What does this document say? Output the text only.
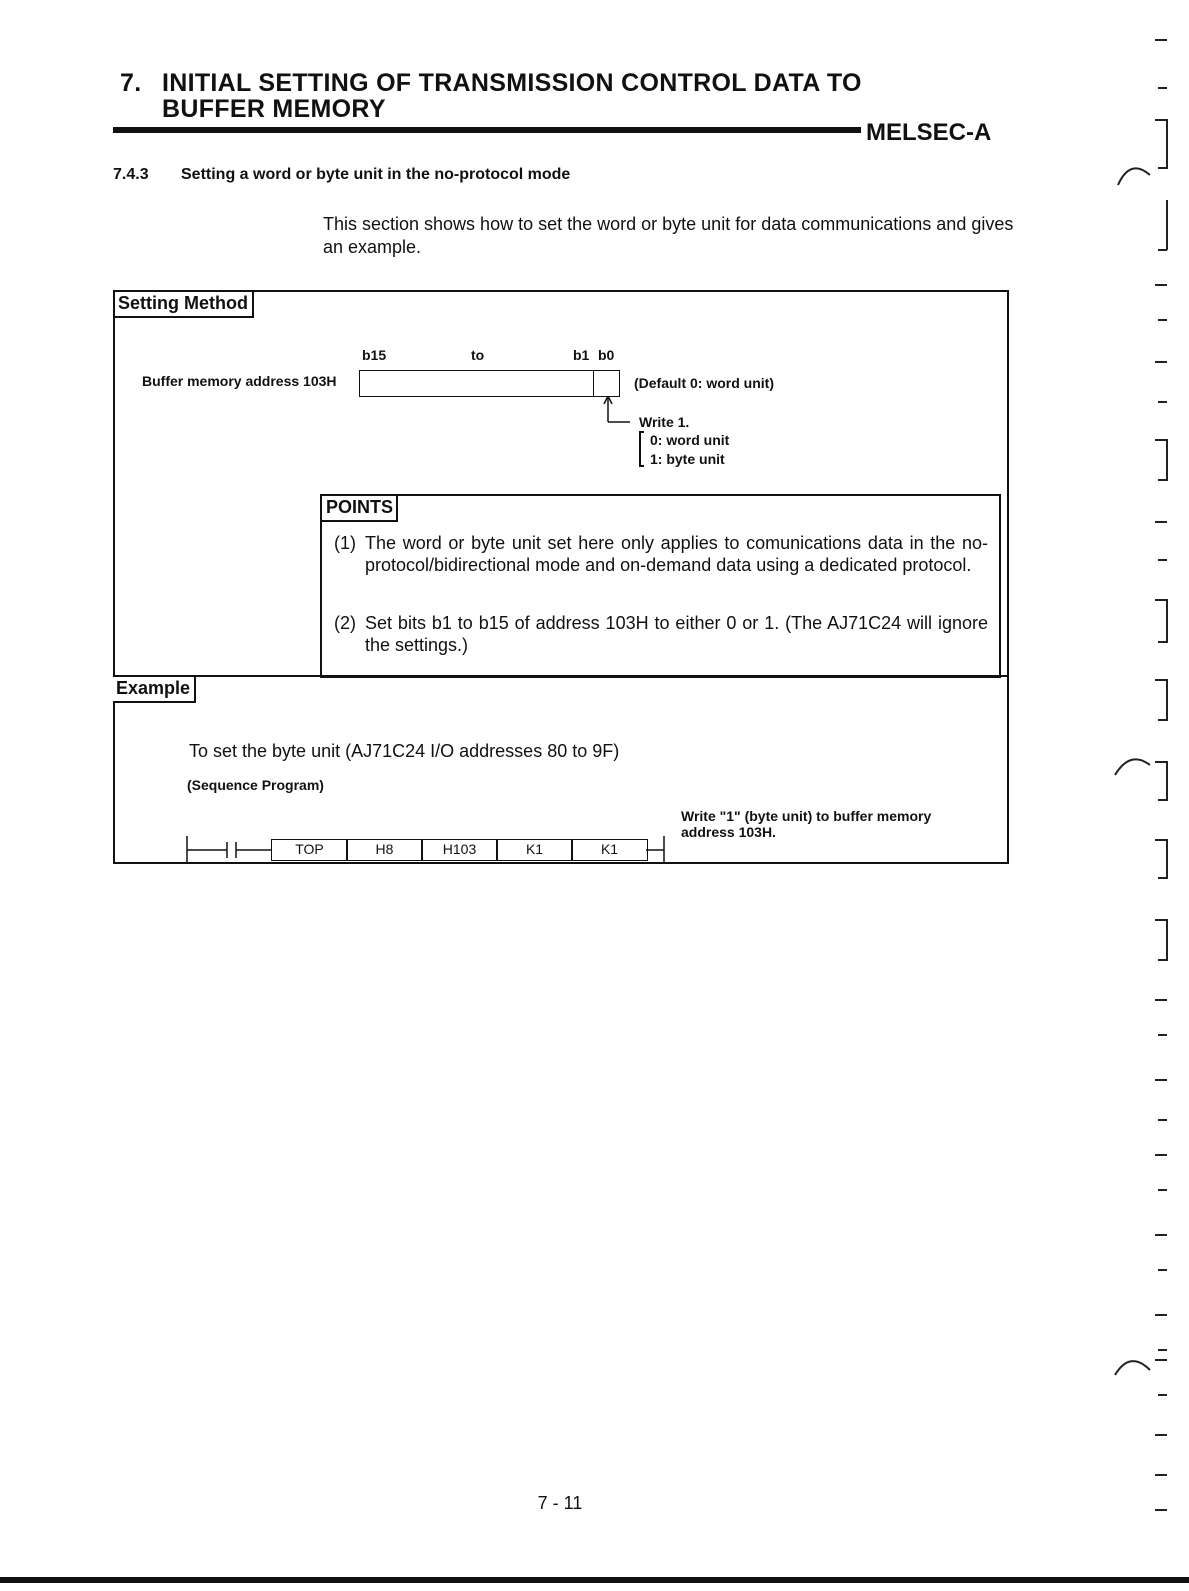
7. INITIAL SETTING OF TRANSMISSION CONTROL DATA TO
BUFFER MEMORY
MELSEC-A
7.4.3 Setting a word or byte unit in the no-protocol mode
This section shows how to set the word or byte unit for data communications and gives an example.
Setting Method
b15	to	b1 b0
Buffer memory address 103H	(Default 0: word unit)
Write 1.
0: word unit
1: byte unit
POINTS
(1) The word or byte unit set here only applies to comunications data in the no-protocol/bidirectional mode and on-demand data using a dedicated protocol.
(2) Set bits b1 to b15 of address 103H to either 0 or 1. (The AJ71C24 will ignore the settings.)
Example
To set the byte unit (AJ71C24 I/O addresses 80 to 9F)
(Sequence Program)
TOP	H8	H103	K1	K1
Write "1" (byte unit) to buffer memory
address 103H.
7 - 11
